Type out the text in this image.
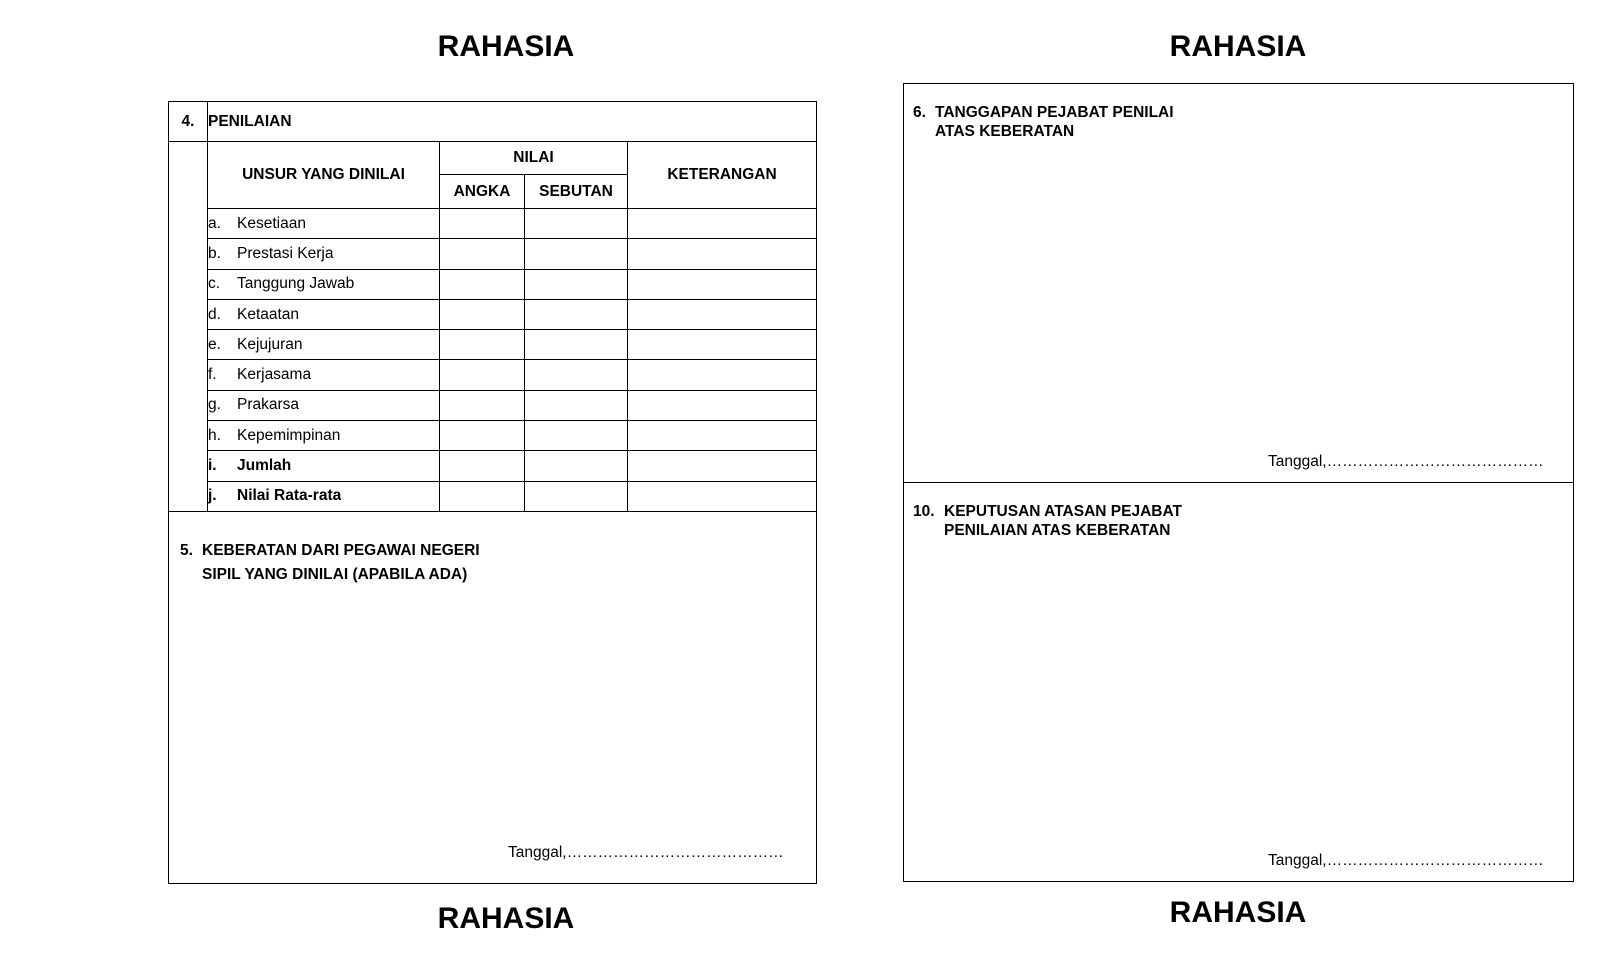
RAHASIA	RAHASIA
RAHASIA	RAHASIA
4.	PENILAIAN			
	UNSUR YANG DINILAI	NILAI		KETERANGAN
		ANGKA	SEBUTAN	
	a. Kesetiaan			
	b. Prestasi Kerja			
	c. Tanggung Jawab			
	d. Ketaatan			
	e. Kejujuran			
	f. Kerjasama			
	g. Prakarsa			
	h. Kepemimpinan			
	i. Jumlah			
	j. Nilai Rata-rata			

5. KEBERATAN DARI PEGAWAI NEGERI
SIPIL YANG DINILAI (APABILA ADA)
Tanggal,……………………………………				
6. TANGGAPAN PEJABAT PENILAI
ATAS KEBERATAN
Tanggal,……………………………………
10. KEPUTUSAN ATASAN PEJABAT
PENILAIAN ATAS KEBERATAN
Tanggal,……………………………………
